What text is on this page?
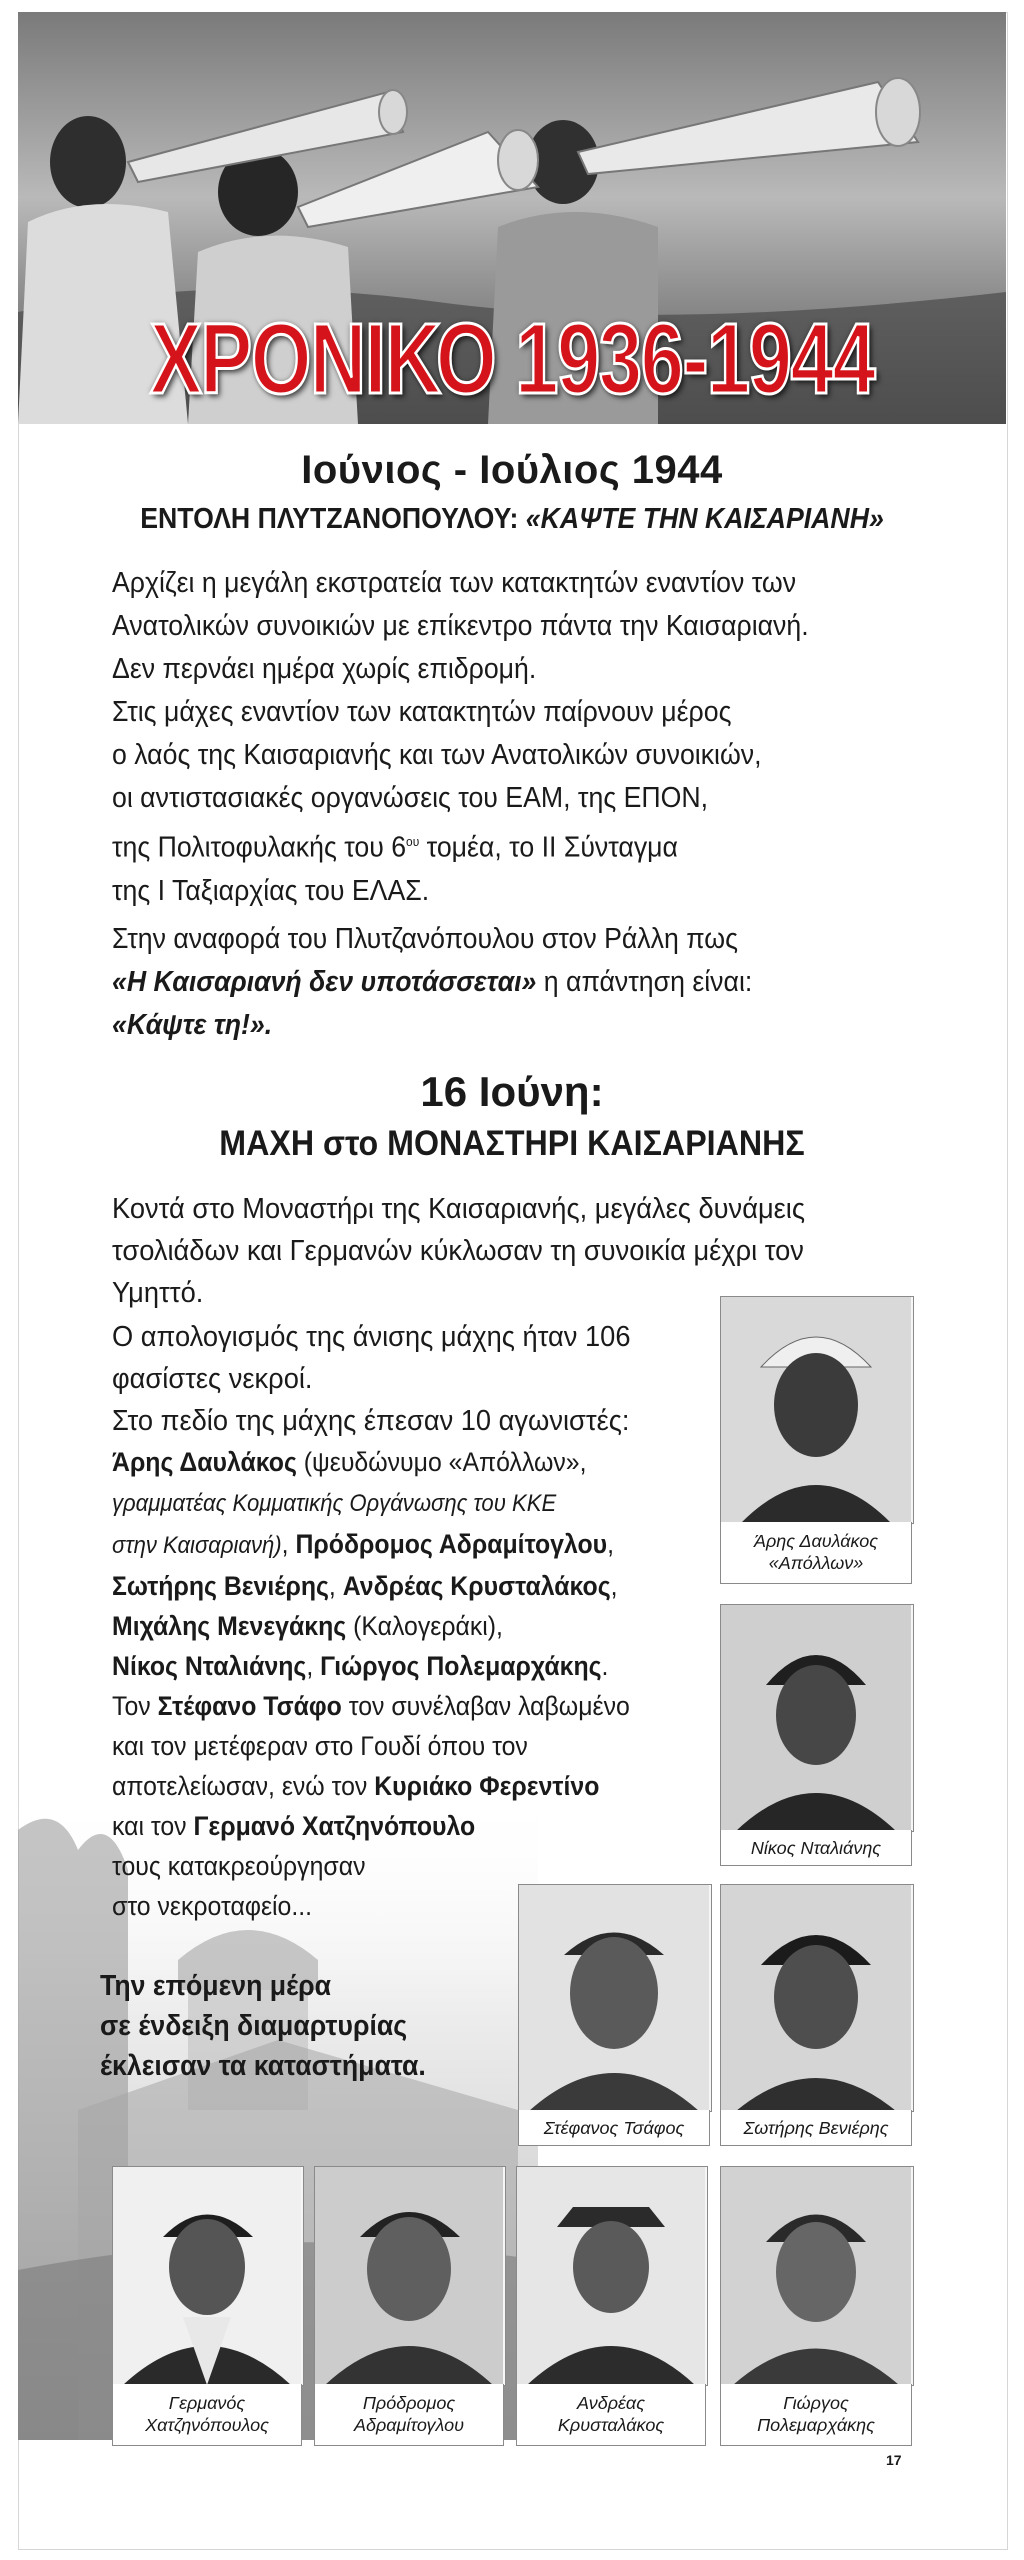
ΧΡΟΝΙΚΟ 1936-1944
Ιούνιος - Ιούλιος 1944
ΕΝΤΟΛΗ ΠΛΥΤΖΑΝΟΠΟΥΛΟΥ: «ΚΑΨΤΕ ΤΗΝ ΚΑΙΣΑΡΙΑΝΗ»
Αρχίζει η μεγάλη εκστρατεία των κατακτητών εναντίον των
Ανατολικών συνοικιών με επίκεντρο πάντα την Καισαριανή.
Δεν περνάει ημέρα χωρίς επιδρομή.
Στις μάχες εναντίον των κατακτητών παίρνουν μέρος
ο λαός της Καισαριανής και των Ανατολικών συνοικιών,
οι αντιστασιακές οργανώσεις του ΕΑΜ, της ΕΠΟΝ,
της Πολιτοφυλακής του $6^{o\upsilon}$ τομέα, το ΙΙ Σύνταγμα
της Ι Ταξιαρχίας του ΕΛΑΣ.
Στην αναφορά του Πλυτζανόπουλου στον Ράλλη πως
«Η Καισαριανή δεν υποτάσσεται» η απάντηση είναι:
«Κάψτε τη!».
16 Ιούνη:
ΜΑΧΗ στο ΜΟΝΑΣΤΗΡΙ ΚΑΙΣΑΡΙΑΝΗΣ
Κοντά στο Μοναστήρι της Καισαριανής, μεγάλες δυνάμεις
τσολιάδων και Γερμανών κύκλωσαν τη συνοικία μέχρι τον
Υμηττό.
Ο απολογισμός της άνισης μάχης ήταν 106
φασίστες νεκροί.
Στο πεδίο της μάχης έπεσαν 10 αγωνιστές:
Άρης Δαυλάκος (ψευδώνυμο «Απόλλων»,
γραμματέας Κομματικής Οργάνωσης του ΚΚΕ
στην Καισαριανή), Πρόδρομος Αδραμίτογλου,
Σωτήρης Βενιέρης, Ανδρέας Κρυσταλάκος,
Μιχάλης Μενεγάκης (Καλογεράκι),
Νίκος Νταλιάνης, Γιώργος Πολεμαρχάκης.
Τον Στέφανο Τσάφο τον συνέλαβαν λαβωμένο
και τον μετέφεραν στο Γουδί όπου τον
αποτελείωσαν, ενώ τον Κυριάκο Φερεντίνο
και τον Γερμανό Χατζηνόπουλο
τους κατακρεούργησαν
στο νεκροταφείο...
Την επόμενη μέρα
σε ένδειξη διαμαρτυρίας
έκλεισαν τα καταστήματα.
Άρης Δαυλάκος
«Απόλλων»
Νίκος Νταλιάνης
Στέφανος Τσάφος	Σωτήρης Βενιέρης
Γερμανός
Χατζηνόπουλος
Πρόδρομος
Αδραμίτογλου
Ανδρέας
Κρυσταλάκος
Γιώργος
Πολεμαρχάκης
17
